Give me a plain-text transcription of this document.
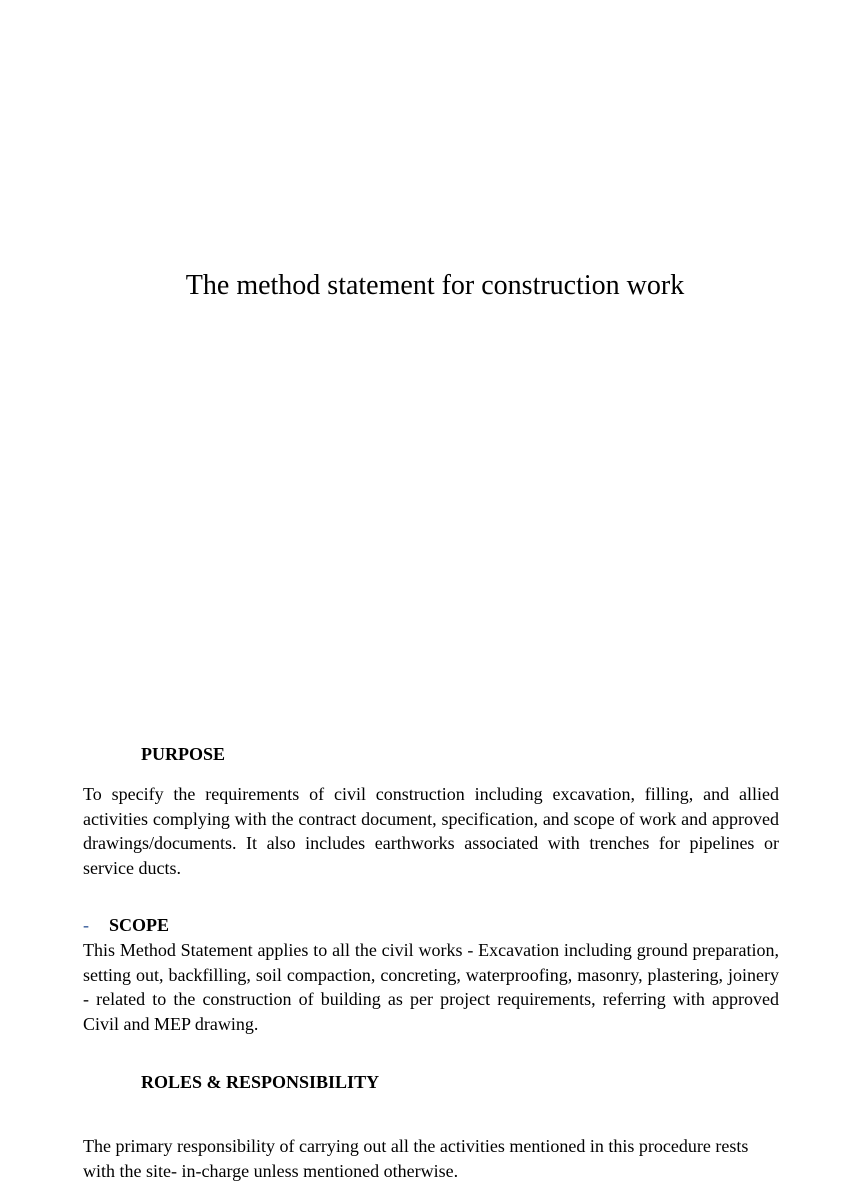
The method statement for construction work
PURPOSE

To specify the requirements of civil construction including excavation, filling, and allied activities complying with the contract document, specification, and scope of work and approved drawings/documents. It also includes earthworks associated with trenches for pipelines or service ducts.

- SCOPE

This Method Statement applies to all the civil works - Excavation including ground preparation, setting out, backfilling, soil compaction, concreting, waterproofing, masonry, plastering, joinery - related to the construction of building as per project requirements, referring with approved Civil and MEP drawing.

ROLES & RESPONSIBILITY

The primary responsibility of carrying out all the activities mentioned in this procedure rests with the site- in-charge unless mentioned otherwise.
